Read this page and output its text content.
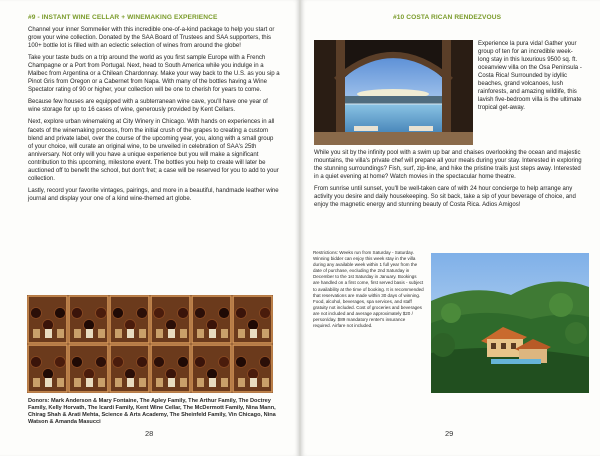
#9 - INSTANT WINE CELLAR + WINEMAKING EXPERIENCE

Channel your inner Sommelier with this incredible one-of-a-kind package to help you start or grow your wine collection. Donated by the SAA Board of Trustees and SAA supporters, this 100+ bottle lot is filled with an eclectic selection of wines from around the globe!

Take your taste buds on a trip around the world as you first sample Europe with a French Champagne or a Port from Portugal. Next, head to South America while you indulge in a Malbec from Argentina or a Chilean Chardonnay. Make your way back to the U.S. as you sip a Pinot Gris from Oregon or a Cabernet from Napa. With many of the bottles having a Wine Spectator rating of 90 or higher, your collection will be one to cherish for years to come.

Because few houses are equipped with a subterranean wine cave, you'll have one year of wine storage for up to 16 cases of wine, generously provided by Kent Cellars.

Next, explore urban winemaking at City Winery in Chicago. With hands on experiences in all facets of the winemaking process, from the initial crush of the grapes to creating a custom blend and private label, over the course of the upcoming year, you, along with a small group of your choice, will curate an original wine, to be unveiled in celebration of SAA's 25th anniversary. Not only will you have a unique experience but you will make a significant contribution to this upcoming, milestone event. The bottles you help to create will later be auctioned off to benefit the school, but don't fret; a case will be reserved for you to add to your collection.

Lastly, record your favorite vintages, pairings, and more in a beautiful, handmade leather wine journal and display your one of a kind wine-themed art globe.

Donors: Mark Anderson & Mary Fontaine, The Apley Family, The Arthur Family, The Doctrey Family, Kelly Horvath, The Icardi Family, Kent Wine Cellar, The McDermott Family, Nina Mann, Chirag Shah & Arati Mehta, Science & Arts Academy, The Sheinfeld Family, Vin Chicago, Nina Watson & Amanda Masucci
28
#10 COSTA RICAN RENDEZVOUS
Experience la pura vida! Gather your group of ten for an incredible week-long stay in this luxurious 9500 sq. ft. oceanview villa on the Osa Peninsula - Costa Rica! Surrounded by idyllic beaches, grand volcanoes, lush rainforests, and amazing wildlife, this lavish five-bedroom villa is the ultimate tropical get-away.

While you sit by the infinity pool with a swim up bar and chaises overlooking the ocean and majestic mountains, the villa's private chef will prepare all your meals during your stay. Interested in exploring the stunning surroundings? Fish, surf, zip-line, and hike the pristine trails just steps away. Interested in a quiet evening at home? Watch movies in the spectacular home theatre.

From sunrise until sunset, you'll be well-taken care of with 24 hour concierge to help arrange any activity you desire and daily housekeeping. So sit back, take a sip of your beverage of choice, and enjoy the magnetic energy and stunning beauty of Costa Rica. Adios Amigos!

Restrictions: Weeks run from Saturday - Saturday. Winning bidder can enjoy this week stay in the villa during any available week within 1 full year from the date of purchase, excluding the 2nd Saturday in December to the 1st Saturday in January. Bookings are handled on a first come, first served basis - subject to availability at the time of booking. It is recommended that reservations are made within 30 days of winning. Food, alcohol, beverages, spa services, and staff gratuity not included. Cost of groceries and beverages are not included and average approximately $20 / person/day. $89 mandatory renter's insurance required. Airfare not included.
29
